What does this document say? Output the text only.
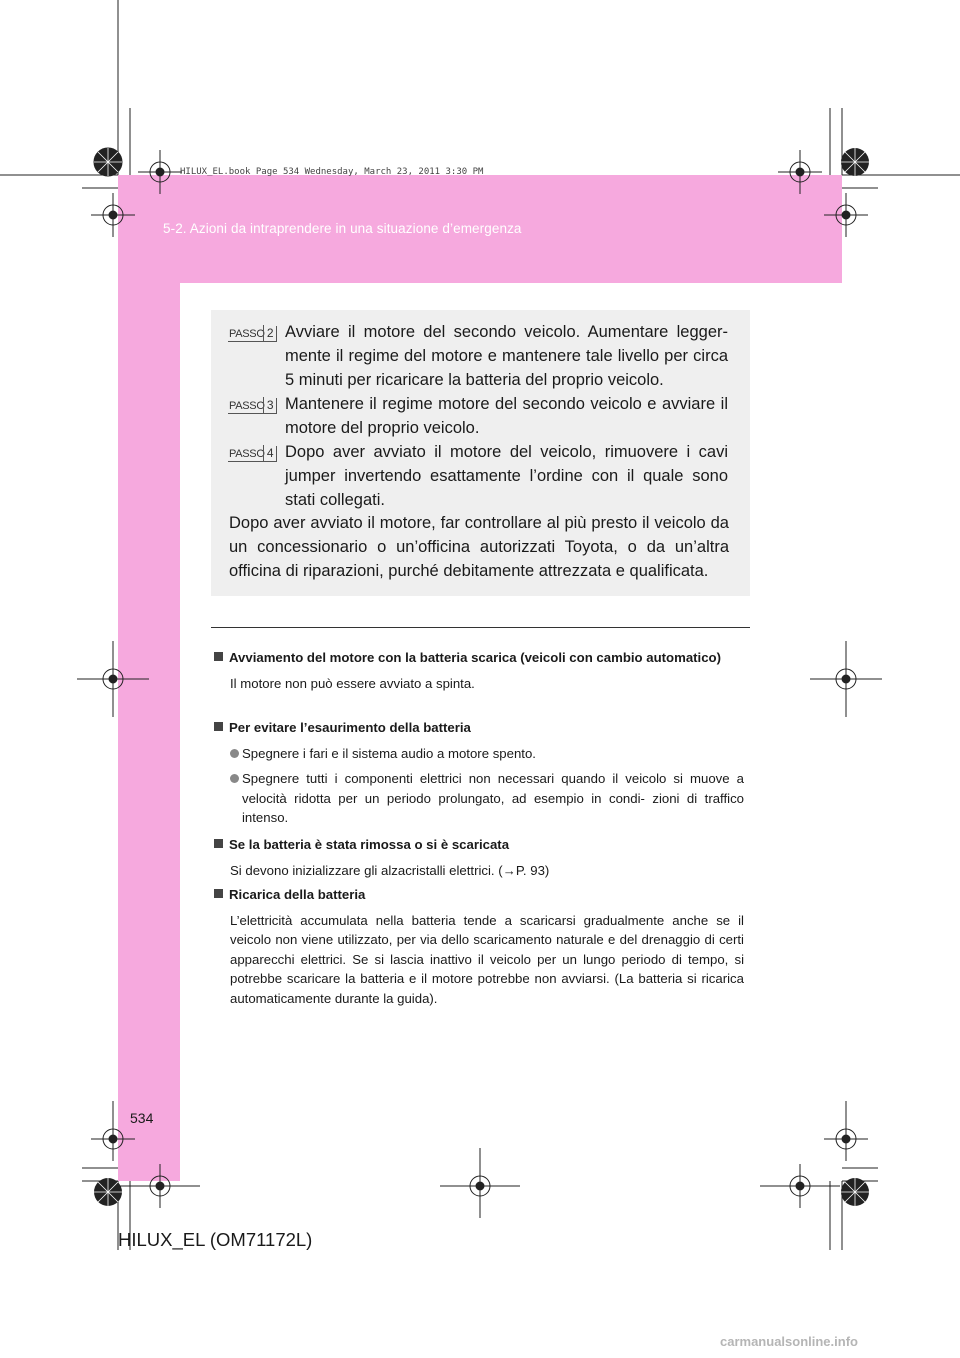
5-2. Azioni da intraprendere in una situazione d’emergenza
HILUX_EL.book Page 534 Wednesday, March 23, 2011 3:30 PM
PASSO 2 Avviare il motore del secondo veicolo. Aumentare legger- mente il regime del motore e mantenere tale livello per circa 5 minuti per ricaricare la batteria del proprio veicolo.
PASSO 3 Mantenere il regime motore del secondo veicolo e avviare il motore del proprio veicolo.
PASSO 4 Dopo aver avviato il motore del veicolo, rimuovere i cavi jumper invertendo esattamente l’ordine con il quale sono stati collegati.
Dopo aver avviato il motore, far controllare al più presto il veicolo da un concessionario o un’officina autorizzati Toyota, o da un’altra officina di riparazioni, purché debitamente attrezzata e qualificata.
Avviamento del motore con la batteria scarica (veicoli con cambio automatico)
Il motore non può essere avviato a spinta.
Per evitare l’esaurimento della batteria
Spegnere i fari e il sistema audio a motore spento.
Spegnere tutti i componenti elettrici non necessari quando il veicolo si muove a velocità ridotta per un periodo prolungato, ad esempio in condi- zioni di traffico intenso.
Se la batteria è stata rimossa o si è scaricata
Si devono inizializzare gli alzacristalli elettrici. (→P. 93)
Ricarica della batteria
L’elettricità accumulata nella batteria tende a scaricarsi gradualmente anche se il veicolo non viene utilizzato, per via dello scaricamento naturale e del drenaggio di certi apparecchi elettrici. Se si lascia inattivo il veicolo per un lungo periodo di tempo, si potrebbe scaricare la batteria e il motore potrebbe non avviarsi. (La batteria si ricarica automaticamente durante la guida).
534
HILUX_EL (OM71172L)
carmanualsonline.info
